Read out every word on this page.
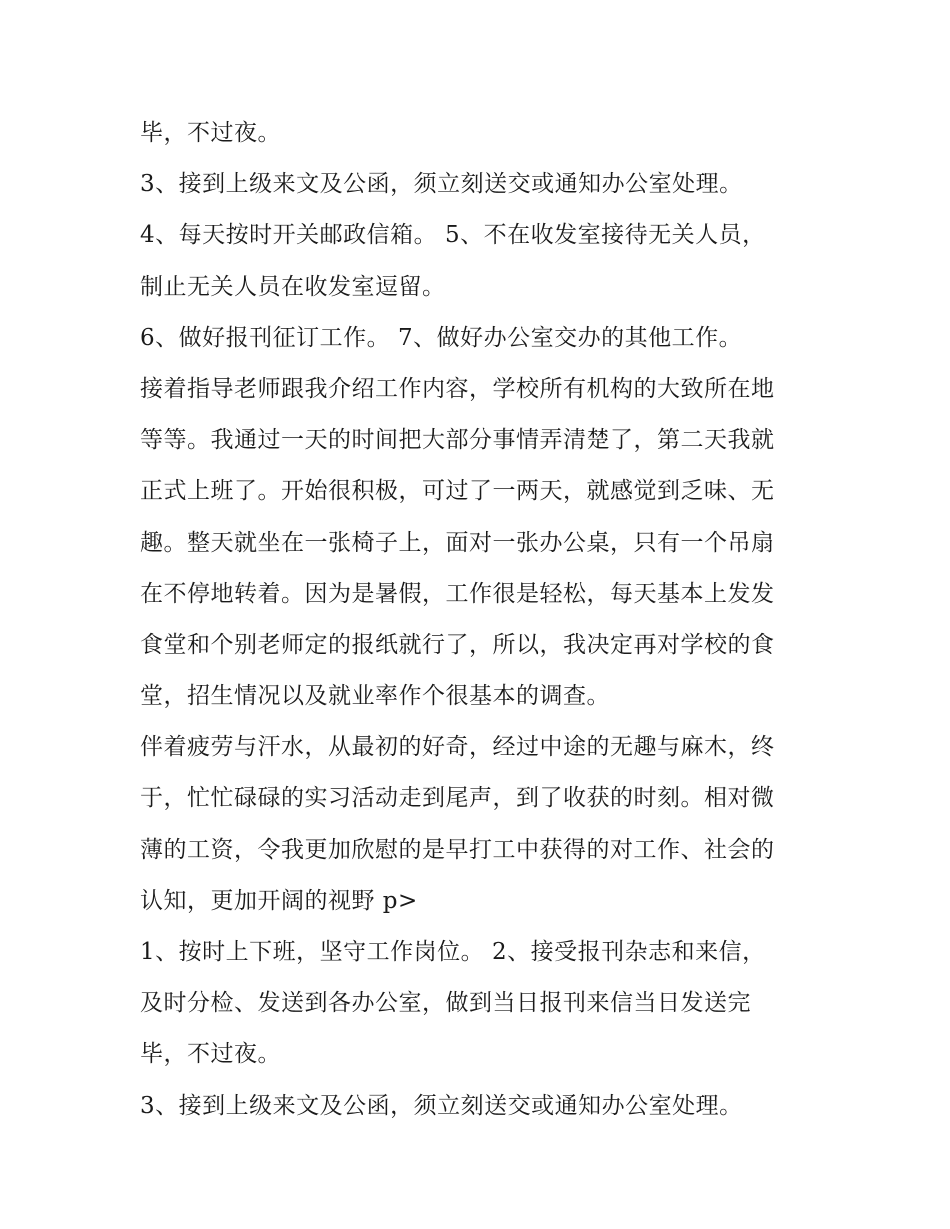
毕，不过夜。
3、接到上级来文及公函，须立刻送交或通知办公室处理。
4、每天按时开关邮政信箱。 5、不在收发室接待无关人员，
制止无关人员在收发室逗留。
6、做好报刊征订工作。 7、做好办公室交办的其他工作。
接着指导老师跟我介绍工作内容，学校所有机构的大致所在地
等等。我通过一天的时间把大部分事情弄清楚了，第二天我就
正式上班了。开始很积极，可过了一两天，就感觉到乏味、无
趣。整天就坐在一张椅子上，面对一张办公桌，只有一个吊扇
在不停地转着。因为是暑假，工作很是轻松，每天基本上发发
食堂和个别老师定的报纸就行了，所以，我决定再对学校的食
堂，招生情况以及就业率作个很基本的调查。
伴着疲劳与汗水，从最初的好奇，经过中途的无趣与麻木，终
于，忙忙碌碌的实习活动走到尾声，到了收获的时刻。相对微
薄的工资，令我更加欣慰的是早打工中获得的对工作、社会的
认知，更加开阔的视野 p>
1、按时上下班，坚守工作岗位。 2、接受报刊杂志和来信，
及时分检、发送到各办公室，做到当日报刊来信当日发送完
毕，不过夜。
3、接到上级来文及公函，须立刻送交或通知办公室处理。
